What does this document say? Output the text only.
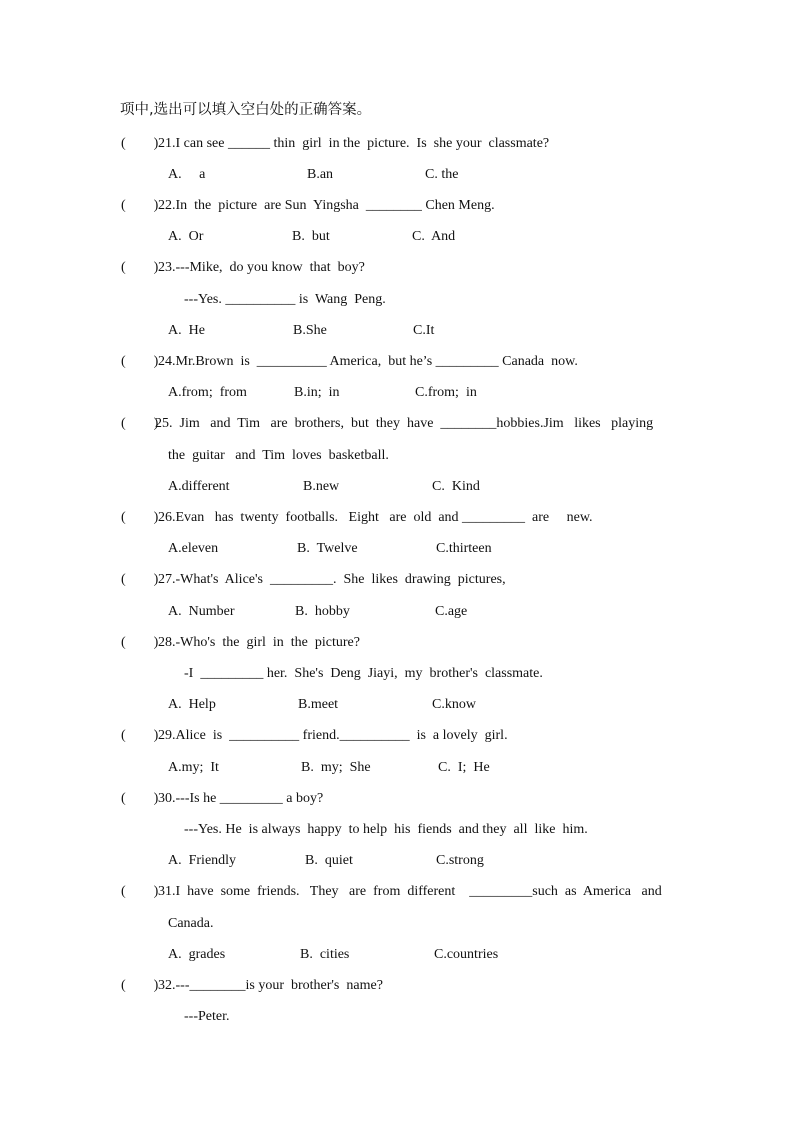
项中,选出可以填入空白处的正确答案。
(        ) 21.I can see ______ thin  girl  in the  picture.  Is  she your  classmate?
A.     a	B.an	C. the
(        ) 22.In  the  picture  are Sun  Yingsha  ________ Chen Meng.
A.  Or	B.  but	C.  And
(        ) 23.---Mike,  do you know  that  boy?
---Yes. __________ is  Wang  Peng.
A.  He	B.She	C.It
(        ) 24.Mr.Brown  is  __________ America,  but he’s _________ Canada  now.
A.from;  from	B.in;  in	C.from;  in
(        )
25.  Jim   and  Tim   are  brothers,  but  they  have  ________hobbies.Jim   likes   playing
the  guitar   and  Tim  loves  basketball.
A.different	B.new	C.  Kind
(        ) 26.Evan   has  twenty  footballs.   Eight   are  old  and _________  are     new.
A.eleven	B.  Twelve	C.thirteen
(        ) 27.-What's  Alice's  _________.  She  likes  drawing  pictures,
A.  Number	B.  hobby	C.age
(        ) 28.-Who's  the  girl  in  the  picture?
-I  _________ her.  She's  Deng  Jiayi,  my  brother's  classmate.
A.  Help	B.meet	C.know
(        ) 29.Alice  is  __________ friend.__________  is  a lovely  girl.
A.my;  It	B.  my;  She	C.  I;  He
(        ) 30.---Is he _________ a boy?
---Yes. He  is always  happy  to help  his  fiends  and they  all  like  him.
A.  Friendly	B.  quiet	C.strong
(        ) 31.I  have  some  friends.   They   are  from  different    _________such  as  America   and
Canada.
A.  grades	B.  cities	C.countries
(        ) 32.---________is your  brother's  name?
---Peter.
